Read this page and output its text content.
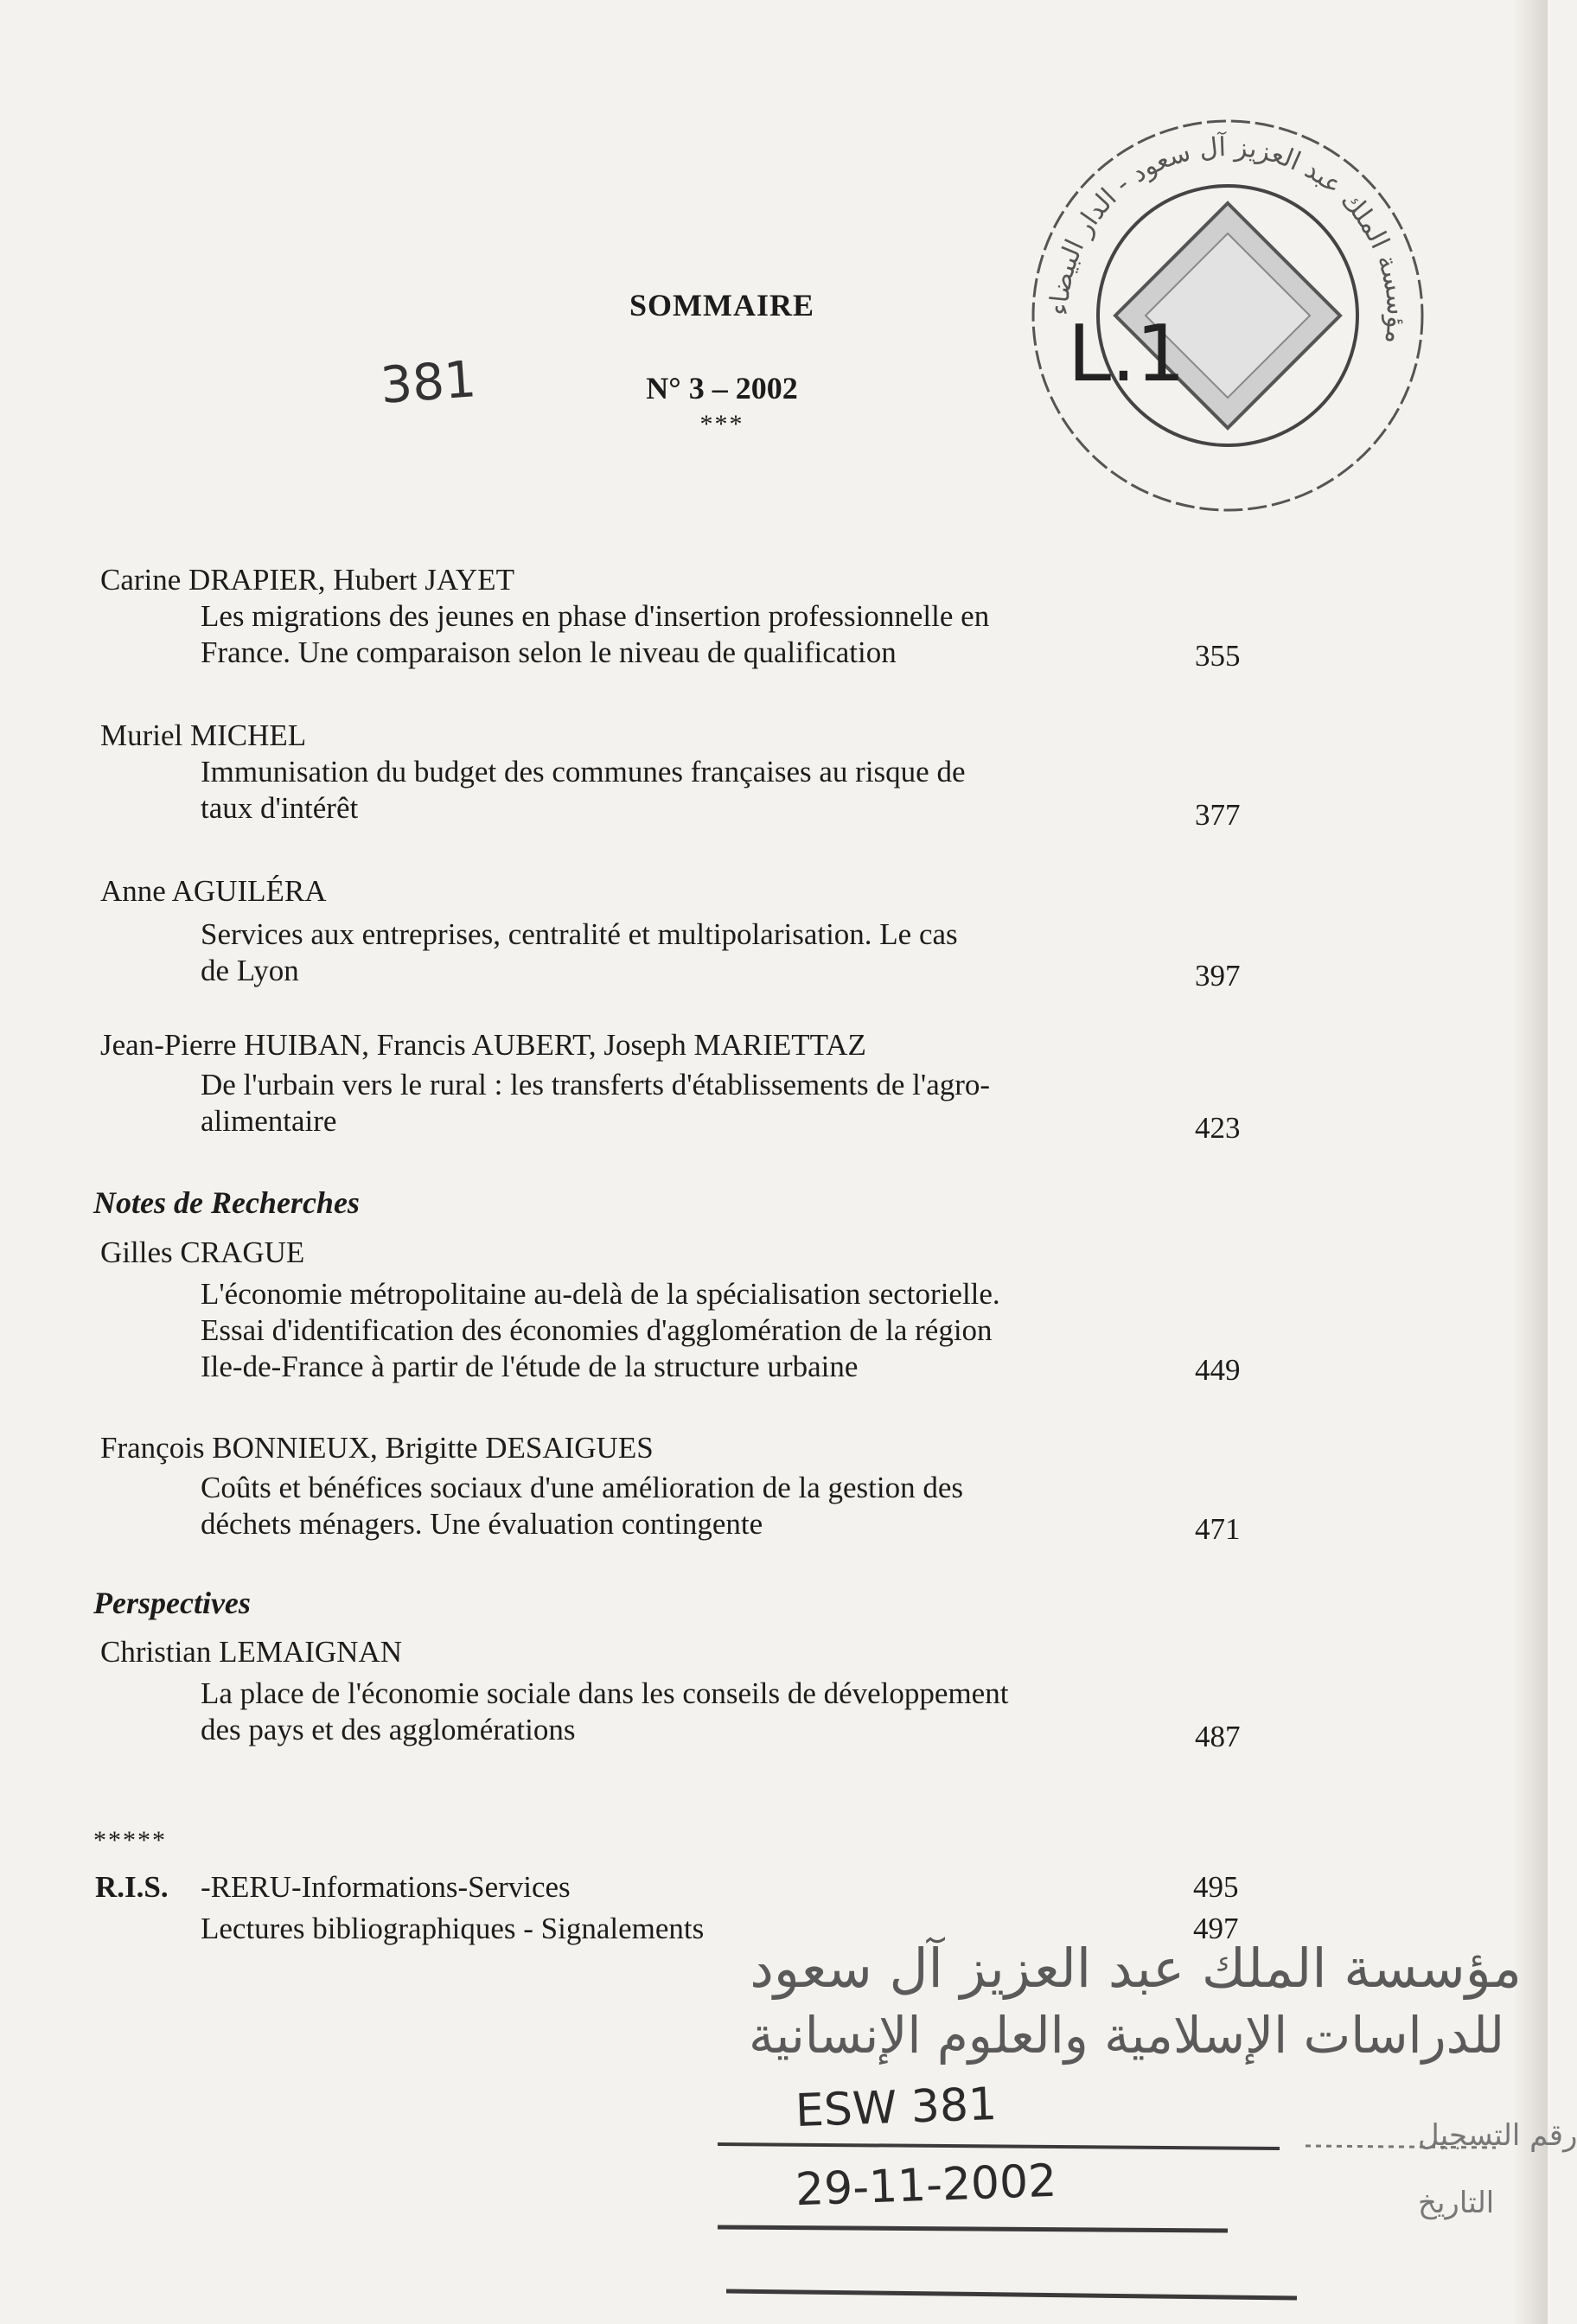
مؤسسة الملك عبد العزيز آل سعود - الدار البيضاء
L.1
SOMMAIRE
381	N° 3 – 2002
***
Carine DRAPIER, Hubert JAYET
Les migrations des jeunes en phase d'insertion professionnelle en
France. Une comparaison selon le niveau de qualification	355
Muriel MICHEL
Immunisation du budget des communes françaises au risque de
taux d'intérêt	377
Anne AGUILÉRA
Services aux entreprises, centralité et multipolarisation. Le cas
de Lyon	397
Jean-Pierre HUIBAN, Francis AUBERT, Joseph MARIETTAZ
De l'urbain vers le rural : les transferts d'établissements de l'agro-
alimentaire	423
Notes de Recherches
Gilles CRAGUE
L'économie métropolitaine au-delà de la spécialisation sectorielle.
Essai d'identification des économies d'agglomération de la région
Ile-de-France à partir de l'étude de la structure urbaine	449
François BONNIEUX, Brigitte DESAIGUES
Coûts et bénéfices sociaux d'une amélioration de la gestion des
déchets ménagers. Une évaluation contingente	471
Perspectives
Christian LEMAIGNAN
La place de l'économie sociale dans les conseils de développement
des pays et des agglomérations	487
*****
R.I.S. -RERU-Informations-Services	495
Lectures bibliographiques - Signalements	497
مؤسسة الملك عبد العزيز آل سعود
للدراسات الإسلامية والعلوم الإنسانية
ESW 381
29-11-2002
رقم التسجيل
التاريخ
